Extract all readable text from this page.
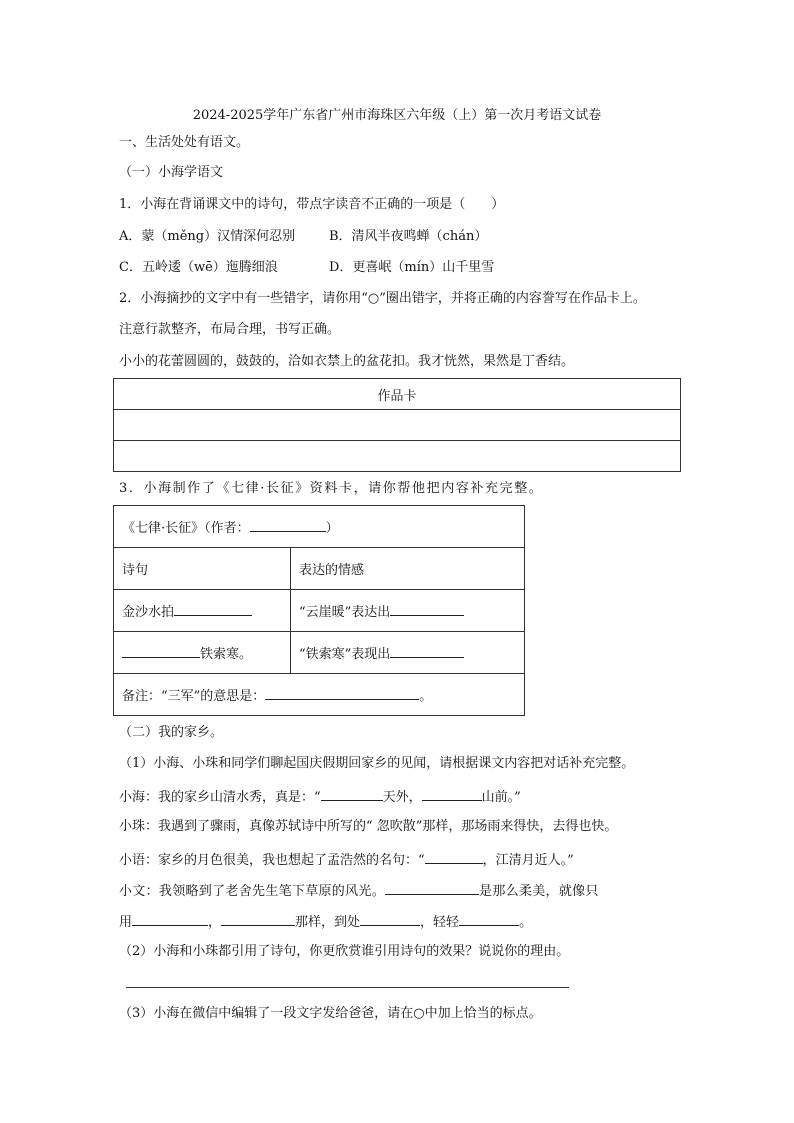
2024-2025学年广东省广州市海珠区六年级（上）第一次月考语文试卷
一、生活处处有语文。
（一）小海学语文
1．小海在背诵课文中的诗句，带点字读音不正确的一项是（　　）
A．蒙（měng）汉情深何忍别	B．清风半夜鸣蝉（chán）
C．五岭逶（wē）迤腾细浪	D．更喜岷（mín）山千里雪
2．小海摘抄的文字中有一些错字，请你用“○”圈出错字，并将正确的内容誊写在作品卡上。
注意行款整齐，布局合理，书写正确。
小小的花蕾圆圆的，鼓鼓的，洽如衣禁上的盆花扣。我才恍然，果然是丁香结。
作品卡

3．小海制作了《七律·长征》资料卡，请你帮他把内容补充完整。
《七律·长征》（作者： ）	
诗句	表达的情感
金沙水拍	“云崖暖”表达出
铁索寒。	“铁索寒”表现出
备注：“三军”的意思是： 。	
（二）我的家乡。
（1）小海、小珠和同学们聊起国庆假期回家乡的见闻，请根据课文内容把对话补充完整。
小海：我的家乡山清水秀，真是：“	天外，	山前。”
小珠：我遇到了骤雨，真像苏轼诗中所写的“ 忽吹散”那样，那场雨来得快，去得也快。
小语：家乡的月色很美，我也想起了孟浩然的名句：“	，江清月近人。”
小文：我领略到了老舍先生笔下草原的风光。	是那么柔美，就像只
用	，	那样，到处	，轻轻	。
（2）小海和小珠都引用了诗句，你更欣赏谁引用诗句的效果？说说你的理由。
（3）小海在微信中编辑了一段文字发给爸爸，请在○中加上恰当的标点。
